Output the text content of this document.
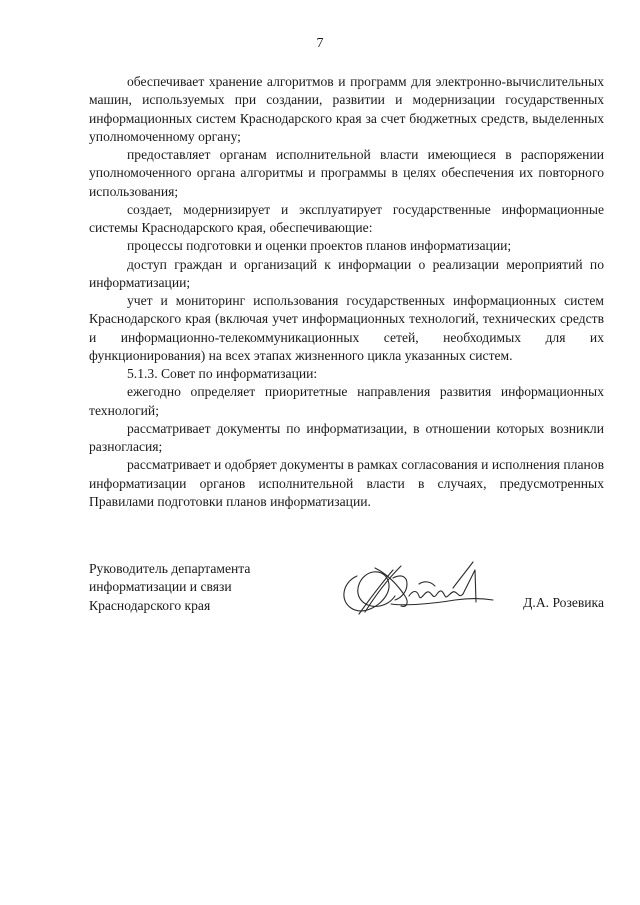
7

обеспечивает хранение алгоритмов и программ для электронно-вычислительных машин, используемых при создании, развитии и модернизации государственных информационных систем Краснодарского края за счет бюджетных средств, выделенных уполномоченному органу;

предоставляет органам исполнительной власти имеющиеся в распоряжении уполномоченного органа алгоритмы и программы в целях обеспечения их повторного использования;

создает, модернизирует и эксплуатирует государственные информационные системы Краснодарского края, обеспечивающие:

процессы подготовки и оценки проектов планов информатизации;

доступ граждан и организаций к информации о реализации мероприятий по информатизации;

учет и мониторинг использования государственных информационных систем Краснодарского края (включая учет информационных технологий, технических средств и информационно-телекоммуникационных сетей, необходимых для их функционирования) на всех этапах жизненного цикла указанных систем.

5.1.3. Совет по информатизации:

ежегодно определяет приоритетные направления развития информационных технологий;

рассматривает документы по информатизации, в отношении которых возникли разногласия;

рассматривает и одобряет документы в рамках согласования и исполнения планов информатизации органов исполнительной власти в случаях, предусмотренных Правилами подготовки планов информатизации.

Руководитель департамента
информатизации и связи
Краснодарского края	Д.А. Розевика
